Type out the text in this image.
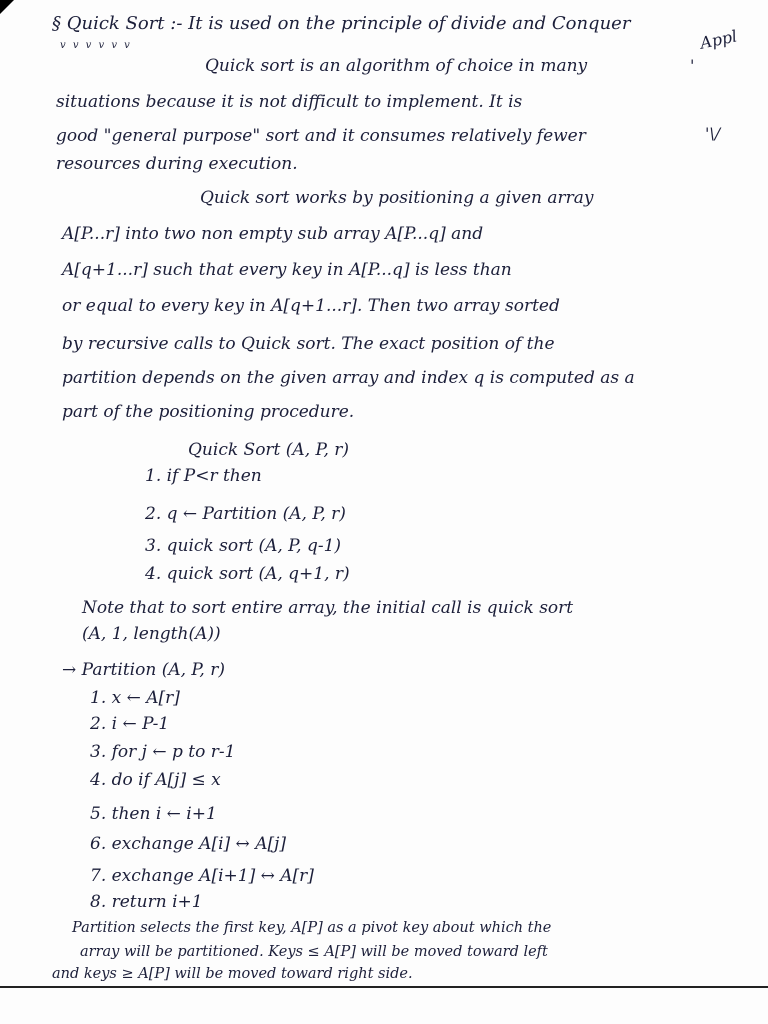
v v v v v v
§ Quick Sort :- It is used on the principle of divide and Conquer
Appl
Quick sort is an algorithm of choice in many	'
situations because it is not difficult to implement. It is
good "general purpose" sort and it consumes relatively fewer	'\/
resources during execution.
Quick sort works by positioning a given array
A[P...r] into two non empty sub array A[P...q] and
A[q+1...r] such that every key in A[P...q] is less than
or equal to every key in A[q+1...r]. Then two array sorted
by recursive calls to Quick sort. The exact position of the
partition depends on the given array and index q is computed as a
part of the positioning procedure.
Quick Sort (A, P, r)
1. if P<r then
2. q ← Partition (A, P, r)
3. quick sort (A, P, q-1)
4. quick sort (A, q+1, r)
Note that to sort entire array, the initial call is quick sort
(A, 1, length(A))
→ Partition (A, P, r)
1. x ← A[r]
2. i ← P-1
3. for j ← p to r-1
4. do if A[j] ≤ x
5. then i ← i+1
6. exchange A[i] ↔ A[j]
7. exchange A[i+1] ↔ A[r]
8. return i+1
Partition selects the first key, A[P] as a pivot key about which the
array will be partitioned. Keys ≤ A[P] will be moved toward left
and keys ≥ A[P] will be moved toward right side.
